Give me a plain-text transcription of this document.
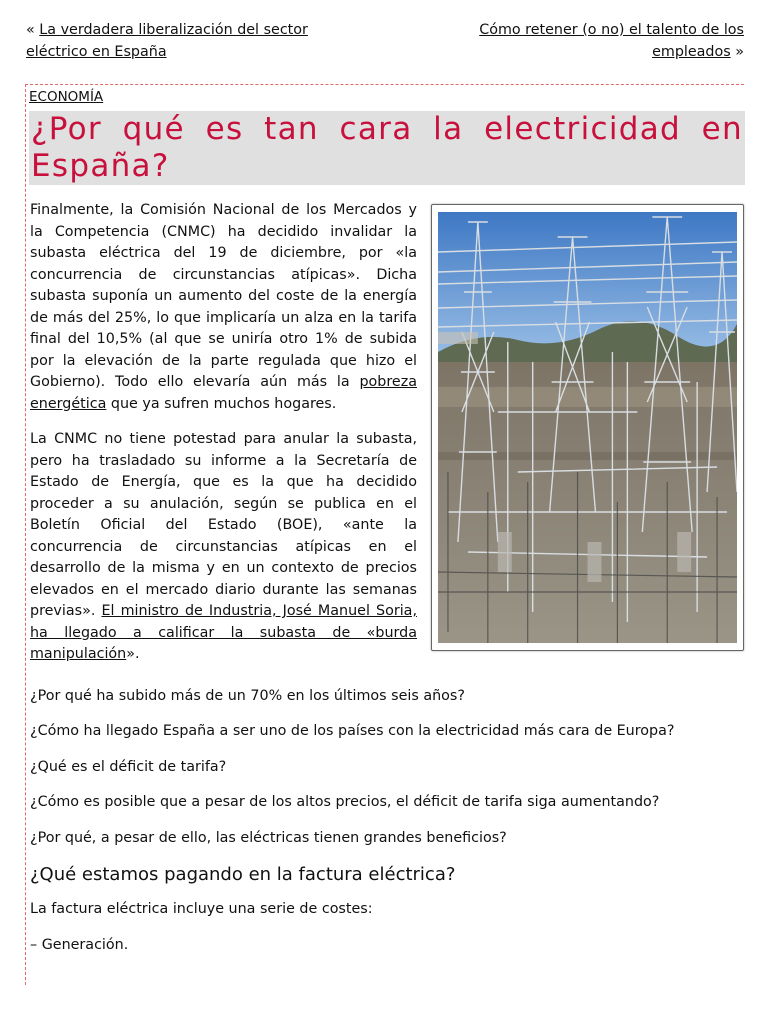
« La verdadera liberalización del sector eléctrico en España
Cómo retener (o no) el talento de los empleados »
ECONOMÍA
¿Por qué es tan cara la electricidad en España?

Finalmente, la Comisión Nacional de los Mercados y la Competencia (CNMC) ha decidido invalidar la subasta eléctrica del 19 de diciembre, por «la concurrencia de circunstancias atípicas». Dicha subasta suponía un aumento del coste de la energía de más del 25%, lo que implicaría un alza en la tarifa final del 10,5% (al que se uniría otro 1% de subida por la elevación de la parte regulada que hizo el Gobierno). Todo ello elevaría aún más la pobreza energética que ya sufren muchos hogares.

La CNMC no tiene potestad para anular la subasta, pero ha trasladado su informe a la Secretaría de Estado de Energía, que es la que ha decidido proceder a su anulación, según se publica en el Boletín Oficial del Estado (BOE), «ante la concurrencia de circunstancias atípicas en el desarrollo de la misma y en un contexto de precios elevados en el mercado diario durante las semanas previas». El ministro de Industria, José Manuel Soria, ha llegado a calificar la subasta de «burda manipulación».

¿Por qué ha subido más de un 70% en los últimos seis años?

¿Cómo ha llegado España a ser uno de los países con la electricidad más cara de Europa?

¿Qué es el déficit de tarifa?

¿Cómo es posible que a pesar de los altos precios, el déficit de tarifa siga aumentando?

¿Por qué, a pesar de ello, las eléctricas tienen grandes beneficios?

¿Qué estamos pagando en la factura eléctrica?

La factura eléctrica incluye una serie de costes:

– Generación.
